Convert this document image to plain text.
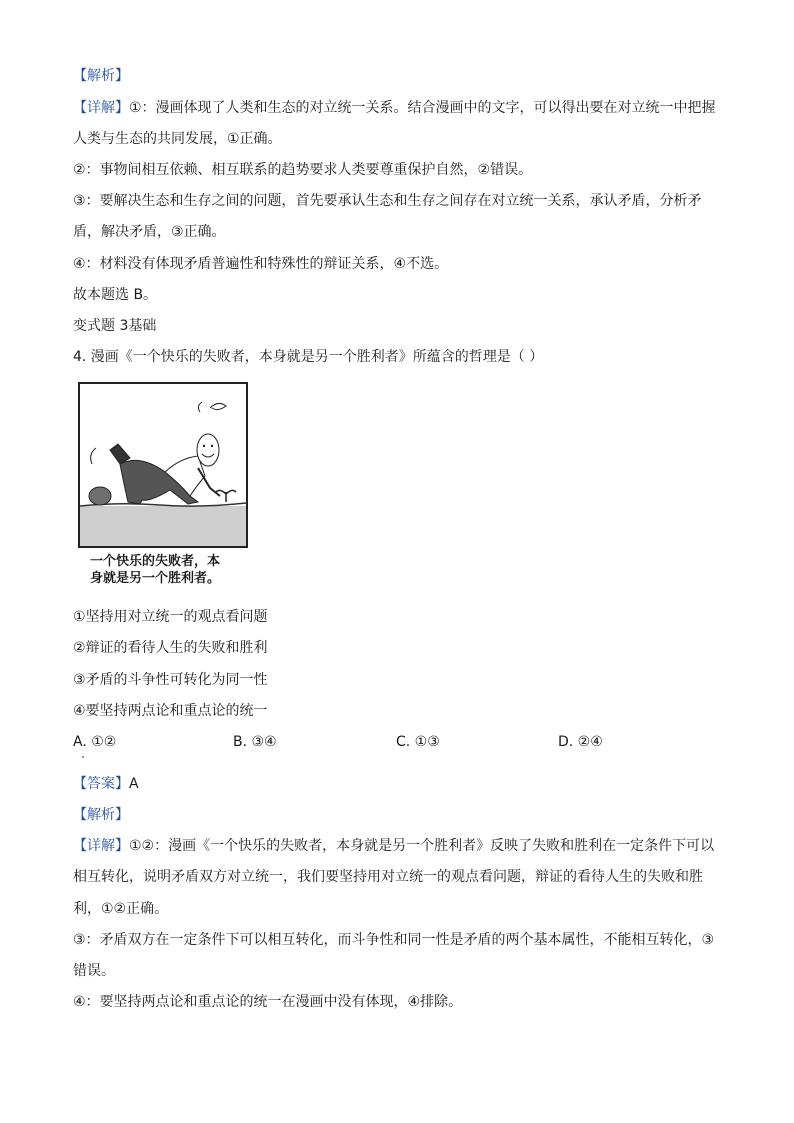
【解析】
【详解】①：漫画体现了人类和生态的对立统一关系。结合漫画中的文字，可以得出要在对立统一中把握
人类与生态的共同发展，①正确。
②：事物间相互依赖、相互联系的趋势要求人类要尊重保护自然，②错误。
③：要解决生态和生存之间的问题，首先要承认生态和生存之间存在对立统一关系，承认矛盾，分析矛
盾，解决矛盾，③正确。
④：材料没有体现矛盾普遍性和特殊性的辩证关系，④不选。
故本题选 B。
变式题 3基础
4. 漫画《一个快乐的失败者，本身就是另一个胜利者》所蕴含的哲理是（ ）
一个快乐的失败者，本
身就是另一个胜利者。
①坚持用对立统一的观点看问题
②辩证的看待人生的失败和胜利
③矛盾的斗争性可转化为同一性
④要坚持两点论和重点论的统一
A. ①②	B. ③④	C. ①③	D. ②④
【答案】A
【解析】
【详解】①②：漫画《一个快乐的失败者，本身就是另一个胜利者》反映了失败和胜利在一定条件下可以
相互转化，说明矛盾双方对立统一，我们要坚持用对立统一的观点看问题，辩证的看待人生的失败和胜
利，①②正确。
③：矛盾双方在一定条件下可以相互转化，而斗争性和同一性是矛盾的两个基本属性，不能相互转化，③
错误。
④：要坚持两点论和重点论的统一在漫画中没有体现，④排除。
